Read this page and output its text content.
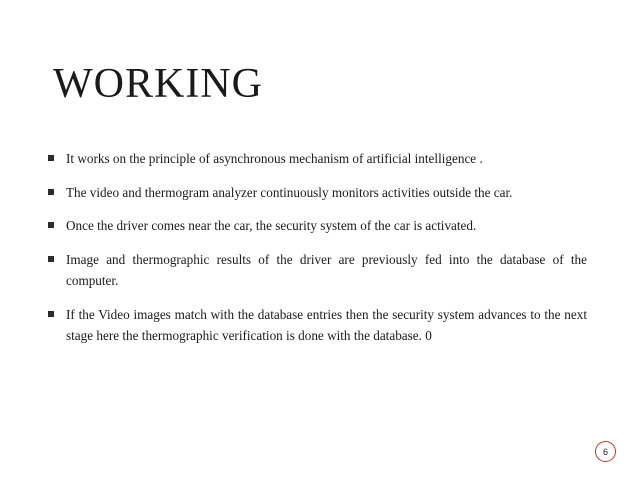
WORKING
It works on the principle of asynchronous mechanism of artificial intelligence .
The video and thermogram analyzer continuously monitors activities outside the car.
Once the driver comes near the car, the security system of the car is activated.
Image and thermographic results of the driver are previously fed into the database of the computer.
If the Video images match with the database entries then the security system advances to the next stage here the thermographic verification is done with the database. 0
6
